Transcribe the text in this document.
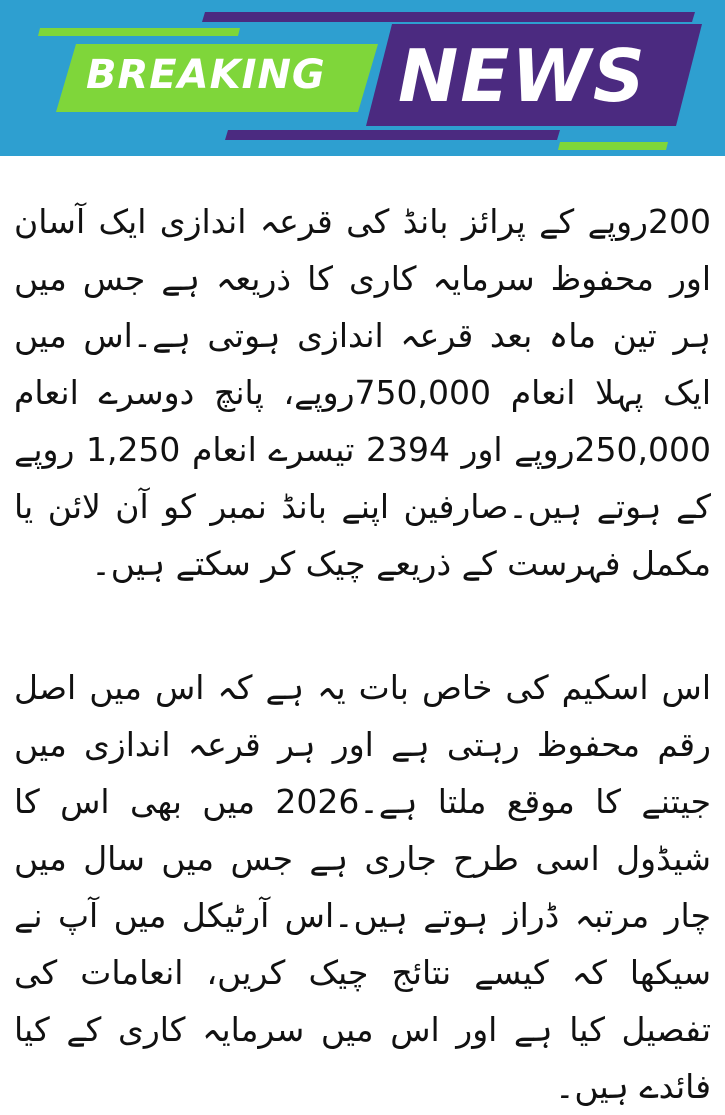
BREAKING NEWS

200روپے کے پرائز بانڈ کی قرعہ اندازی ایک آسان اور محفوظ سرمایہ کاری کا ذریعہ ہے جس میں ہر تین ماہ بعد قرعہ اندازی ہوتی ہے۔اس میں ایک پہلا انعام 750,000روپے، پانچ دوسرے انعام 250,000روپے اور 2394 تیسرے انعام 1,250 روپے کے ہوتے ہیں۔صارفین اپنے بانڈ نمبر کو آن لائن یا مکمل فہرست کے ذریعے چیک کر سکتے ہیں۔

اس اسکیم کی خاص بات یہ ہے کہ اس میں اصل رقم محفوظ رہتی ہے اور ہر قرعہ اندازی میں جیتنے کا موقع ملتا ہے۔2026 میں بھی اس کا شیڈول اسی طرح جاری ہے جس میں سال میں چار مرتبہ ڈراز ہوتے ہیں۔اس آرٹیکل میں آپ نے سیکھا کہ کیسے نتائج چیک کریں، انعامات کی تفصیل کیا ہے اور اس میں سرمایہ کاری کے کیا فائدے ہیں۔
